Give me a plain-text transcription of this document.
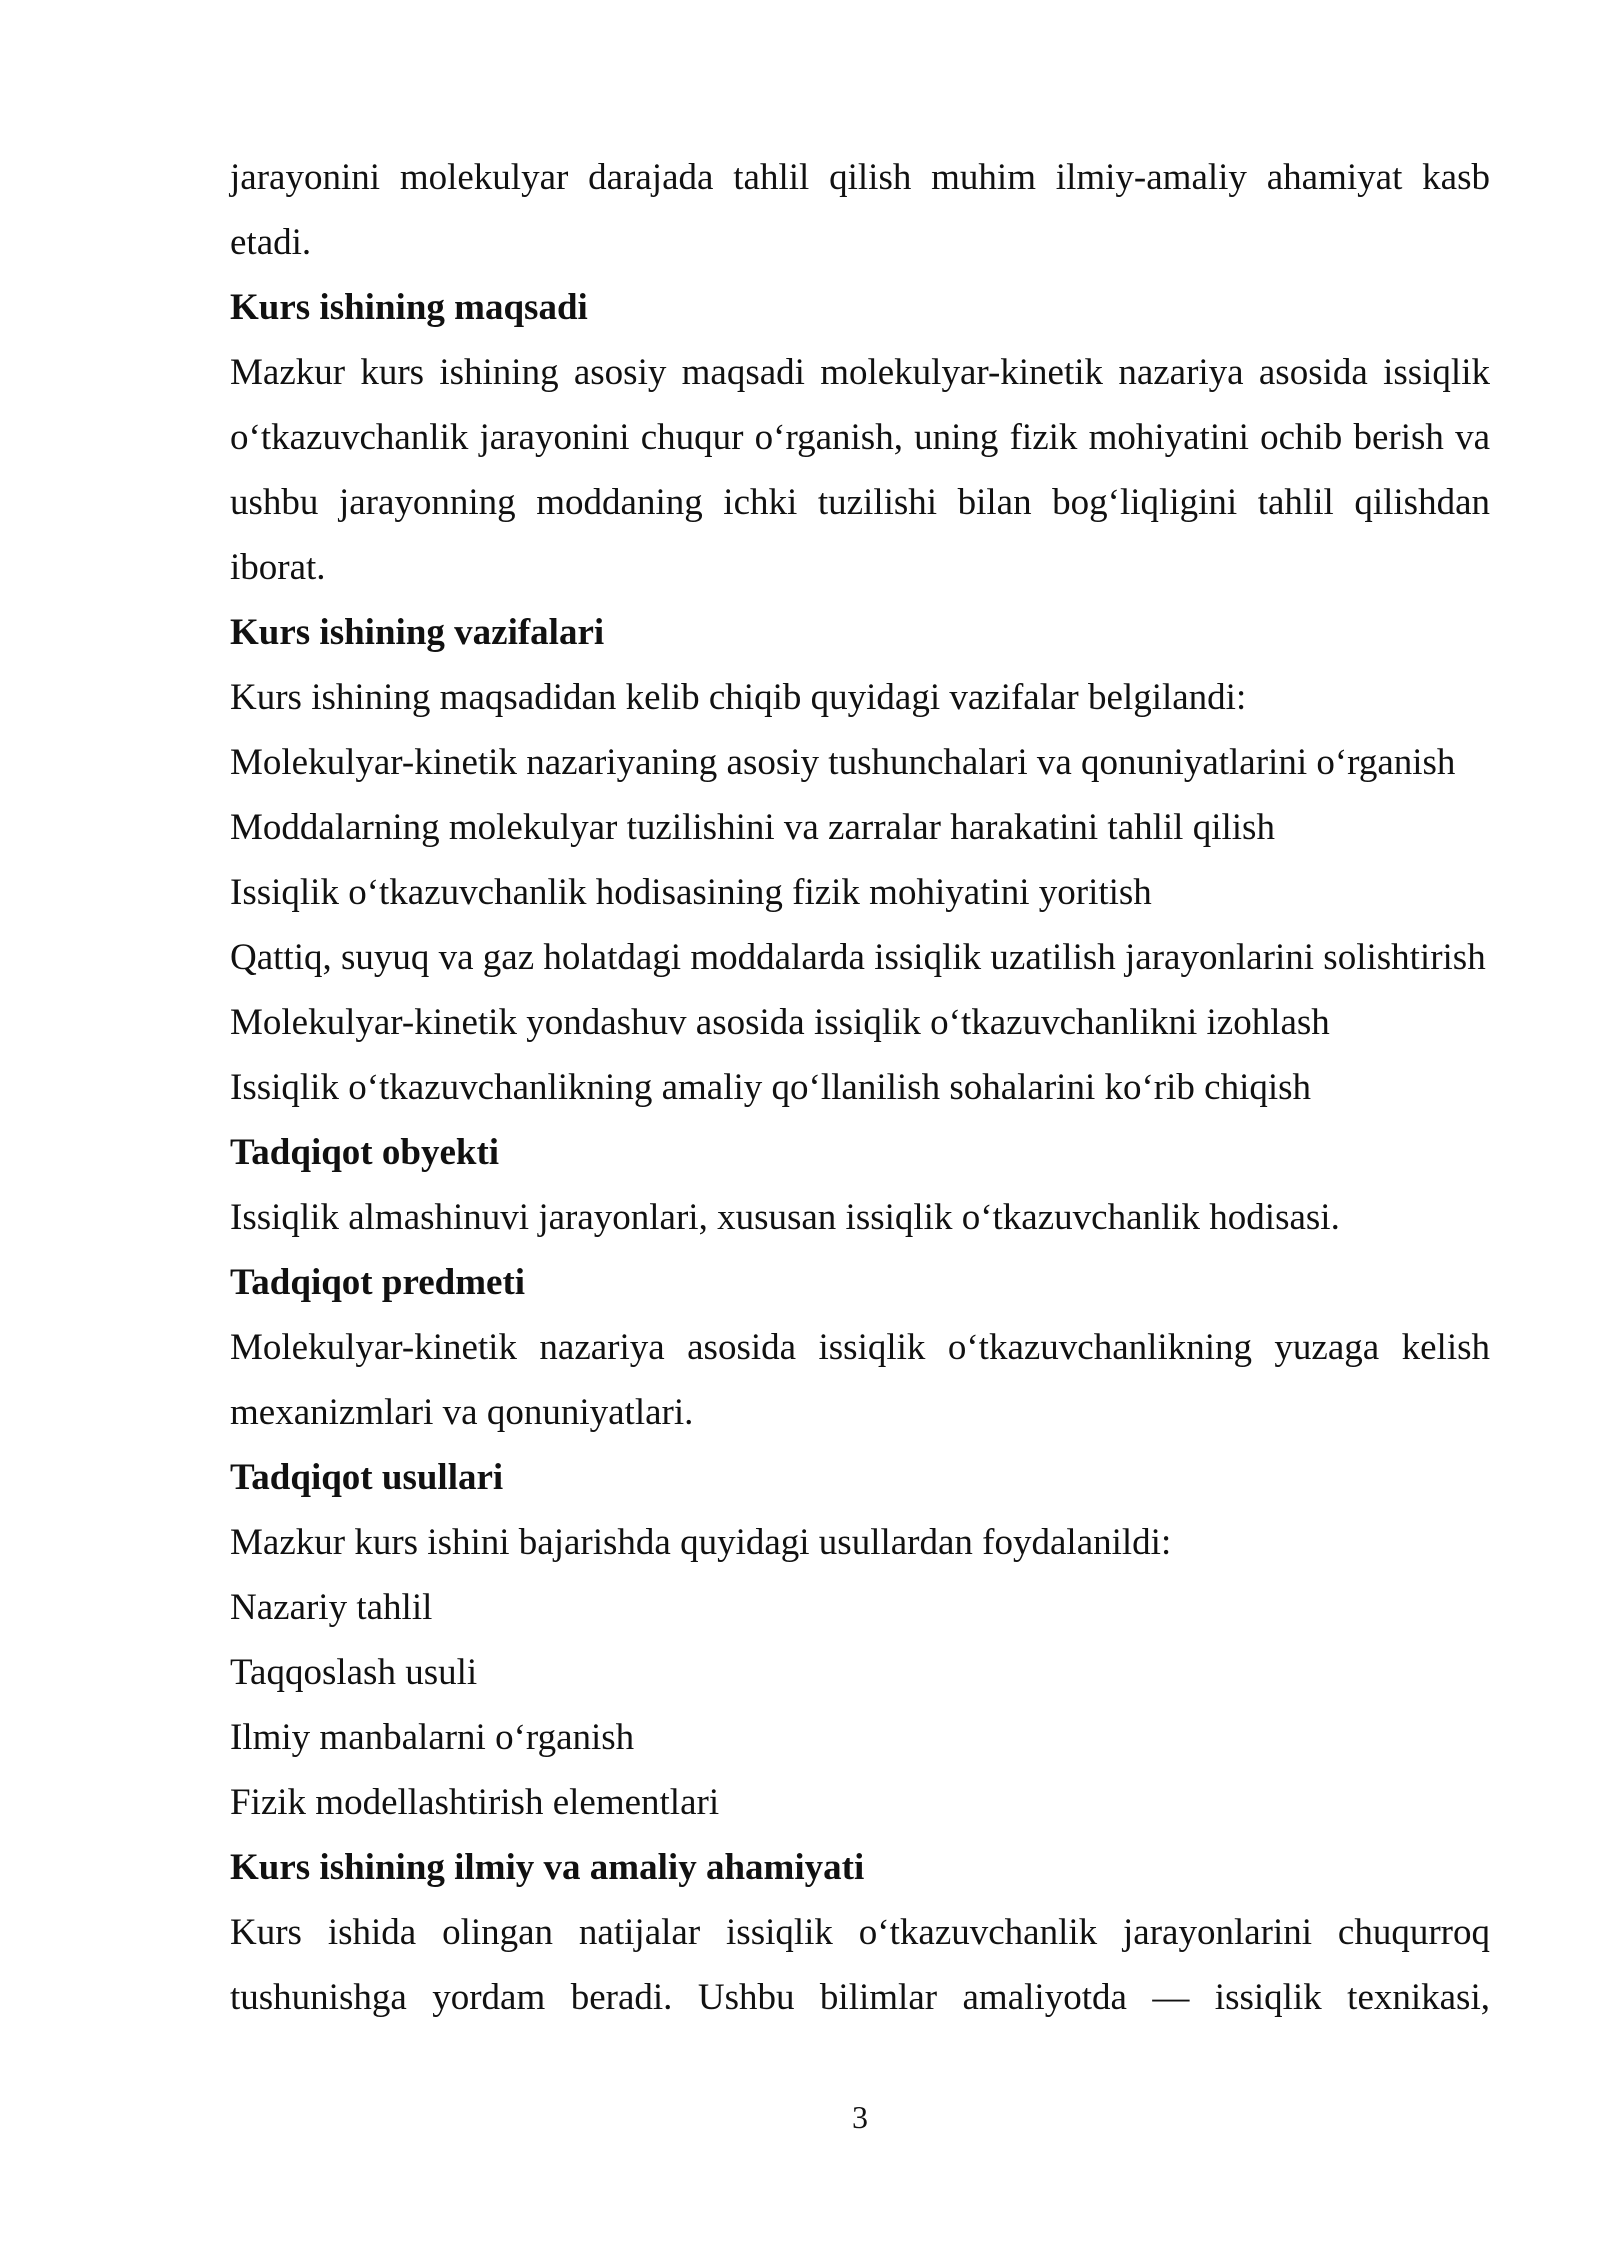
jarayonini molekulyar darajada tahlil qilish muhim ilmiy-amaliy ahamiyat kasb etadi.

Kurs ishining maqsadi

Mazkur kurs ishining asosiy maqsadi molekulyar-kinetik nazariya asosida issiqlik o‘tkazuvchanlik jarayonini chuqur o‘rganish, uning fizik mohiyatini ochib berish va ushbu jarayonning moddaning ichki tuzilishi bilan bog‘liqligini tahlil qilishdan iborat.

Kurs ishining vazifalari

Kurs ishining maqsadidan kelib chiqib quyidagi vazifalar belgilandi:

Molekulyar-kinetik nazariyaning asosiy tushunchalari va qonuniyatlarini o‘rganish

Moddalarning molekulyar tuzilishini va zarralar harakatini tahlil qilish

Issiqlik o‘tkazuvchanlik hodisasining fizik mohiyatini yoritish

Qattiq, suyuq va gaz holatdagi moddalarda issiqlik uzatilish jarayonlarini solishtirish

Molekulyar-kinetik yondashuv asosida issiqlik o‘tkazuvchanlikni izohlash

Issiqlik o‘tkazuvchanlikning amaliy qo‘llanilish sohalarini ko‘rib chiqish

Tadqiqot obyekti

Issiqlik almashinuvi jarayonlari, xususan issiqlik o‘tkazuvchanlik hodisasi.

Tadqiqot predmeti

Molekulyar-kinetik nazariya asosida issiqlik o‘tkazuvchanlikning yuzaga kelish mexanizmlari va qonuniyatlari.

Tadqiqot usullari

Mazkur kurs ishini bajarishda quyidagi usullardan foydalanildi:

Nazariy tahlil

Taqqoslash usuli

Ilmiy manbalarni o‘rganish

Fizik modellashtirish elementlari

Kurs ishining ilmiy va amaliy ahamiyati

Kurs ishida olingan natijalar issiqlik o‘tkazuvchanlik jarayonlarini chuqurroq tushunishga yordam beradi. Ushbu bilimlar amaliyotda — issiqlik texnikasi,

3
